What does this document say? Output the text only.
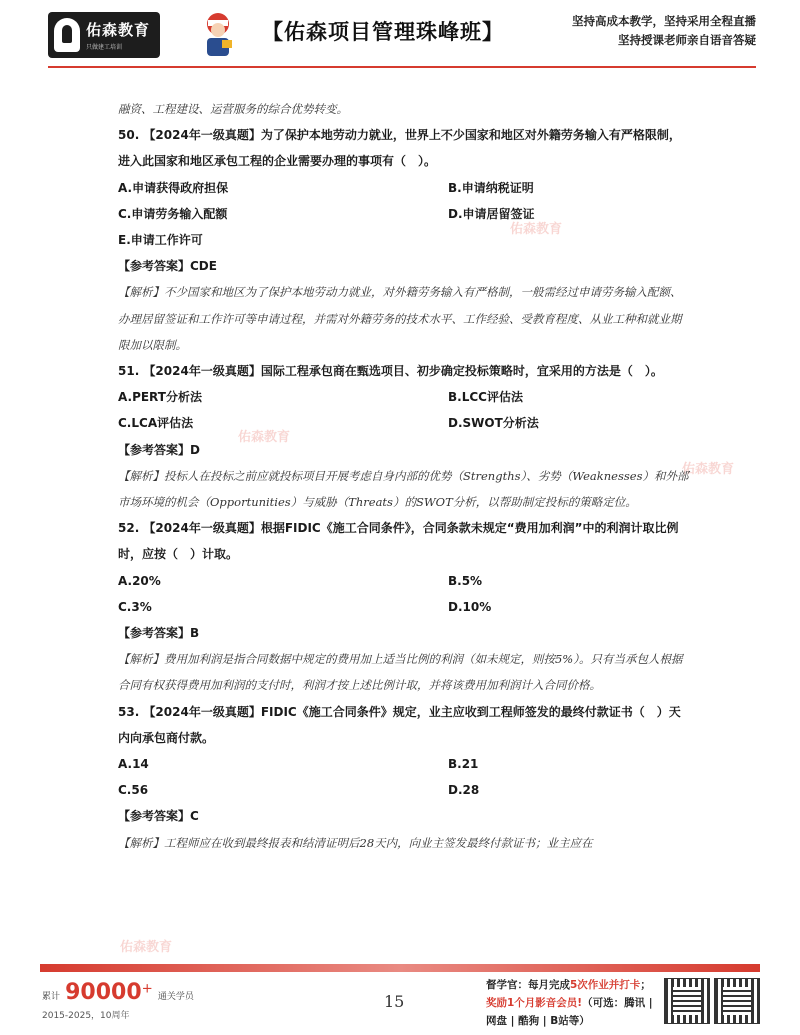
佑森教育
只做建工培训
【佑森项目管理珠峰班】	坚持高成本教学，坚持采用全程直播
坚持授课老师亲自语音答疑
佑森教育
佑森教育
佑森教育
佑森教育

融资、工程建设、运营服务的综合优势转变。

50. 【2024年一级真题】为了保护本地劳动力就业，世界上不少国家和地区对外籍劳务输入有严格限制，进入此国家和地区承包工程的企业需要办理的事项有（　）。

A.申请获得政府担保	B.申请纳税证明
C.申请劳务输入配额	D.申请居留签证
E.申请工作许可

【参考答案】CDE

【解析】不少国家和地区为了保护本地劳动力就业，对外籍劳务输入有严格制，一般需经过申请劳务输入配额、办理居留签证和工作许可等申请过程，并需对外籍劳务的技术水平、工作经验、受教育程度、从业工种和就业期限加以限制。

51. 【2024年一级真题】国际工程承包商在甄选项目、初步确定投标策略时，宜采用的方法是（　）。

A.PERT分析法	B.LCC评估法
C.LCA评估法	D.SWOT分析法

【参考答案】D

【解析】投标人在投标之前应就投标项目开展考虑自身内部的优势（Strengths）、劣势（Weaknesses）和外部市场环境的机会（Opportunities）与威胁（Threats）的SWOT分析，以帮助制定投标的策略定位。

52. 【2024年一级真题】根据FIDIC《施工合同条件》，合同条款未规定“费用加利润”中的利润计取比例时，应按（　）计取。

A.20%	B.5%
C.3%	D.10%

【参考答案】B

【解析】费用加利润是指合同数据中规定的费用加上适当比例的利润（如未规定，则按5%）。只有当承包人根据合同有权获得费用加利润的支付时，利润才按上述比例计取，并将该费用加利润计入合同价格。

53. 【2024年一级真题】FIDIC《施工合同条件》规定，业主应收到工程师签发的最终付款证书（　）天内向承包商付款。

A.14	B.21
C.56	D.28

【参考答案】C

【解析】工程师应在收到最终报表和结清证明后28天内，向业主签发最终付款证书；业主应在

累计 90000+ 通关学员
2015-2025，10周年
15
督学官：每月完成5次作业并打卡；
奖励1个月影音会员!（可选：腾讯 | 网盘 | 酷狗 | B站等）
